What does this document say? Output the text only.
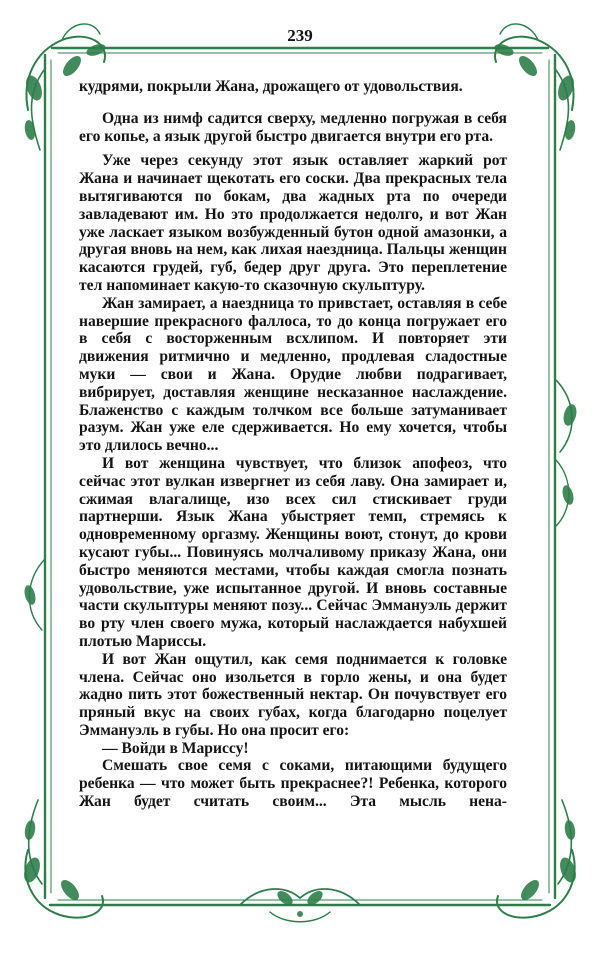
239

кудрями, покрыли Жана, дрожащего от удовольствия.

Одна из нимф садится сверху, медленно погружая в себя его копье, а язык другой быстро двигается внутри его рта.

Уже через секунду этот язык оставляет жаркий рот Жана и начинает щекотать его соски. Два прекрасных тела вытягиваются по бокам, два жадных рта по очереди завладевают им. Но это продолжается недолго, и вот Жан уже ласкает языком возбужденный бутон одной амазонки, а другая вновь на нем, как лихая наездница. Пальцы женщин касаются грудей, губ, бедер друг друга. Это переплетение тел напоминает какую-то сказочную скульптуру.

Жан замирает, а наездница то привстает, оставляя в себе навершие прекрасного фаллоса, то до конца погружает его в себя с восторженным всхлипом. И повторяет эти движения ритмично и медленно, продлевая сладостные муки — свои и Жана. Орудие любви подрагивает, вибрирует, доставляя женщине несказанное наслаждение. Блаженство с каждым толчком все больше затуманивает разум. Жан уже еле сдерживается. Но ему хочется, чтобы это длилось вечно...

И вот женщина чувствует, что близок апофеоз, что сейчас этот вулкан извергнет из себя лаву. Она замирает и, сжимая влагалище, изо всех сил стискивает груди партнерши. Язык Жана убыстряет темп, стремясь к одновременному оргазму. Женщины воют, стонут, до крови кусают губы... Повинуясь молчаливому приказу Жана, они быстро меняются местами, чтобы каждая смогла познать удовольствие, уже испытанное другой. И вновь составные части скульптуры меняют позу... Сейчас Эммануэль держит во рту член своего мужа, который наслаждается набухшей плотью Мариссы.

И вот Жан ощутил, как семя поднимается к головке члена. Сейчас оно изольется в горло жены, и она будет жадно пить этот божественный нектар. Он почувствует его пряный вкус на своих губах, когда благодарно поцелует Эммануэль в губы. Но она просит его:

— Войди в Мариссу!

Смешать свое семя с соками, питающими будущего ребенка — что может быть прекраснее?! Ребенка, которого Жан будет считать своим... Эта мысль нена-
